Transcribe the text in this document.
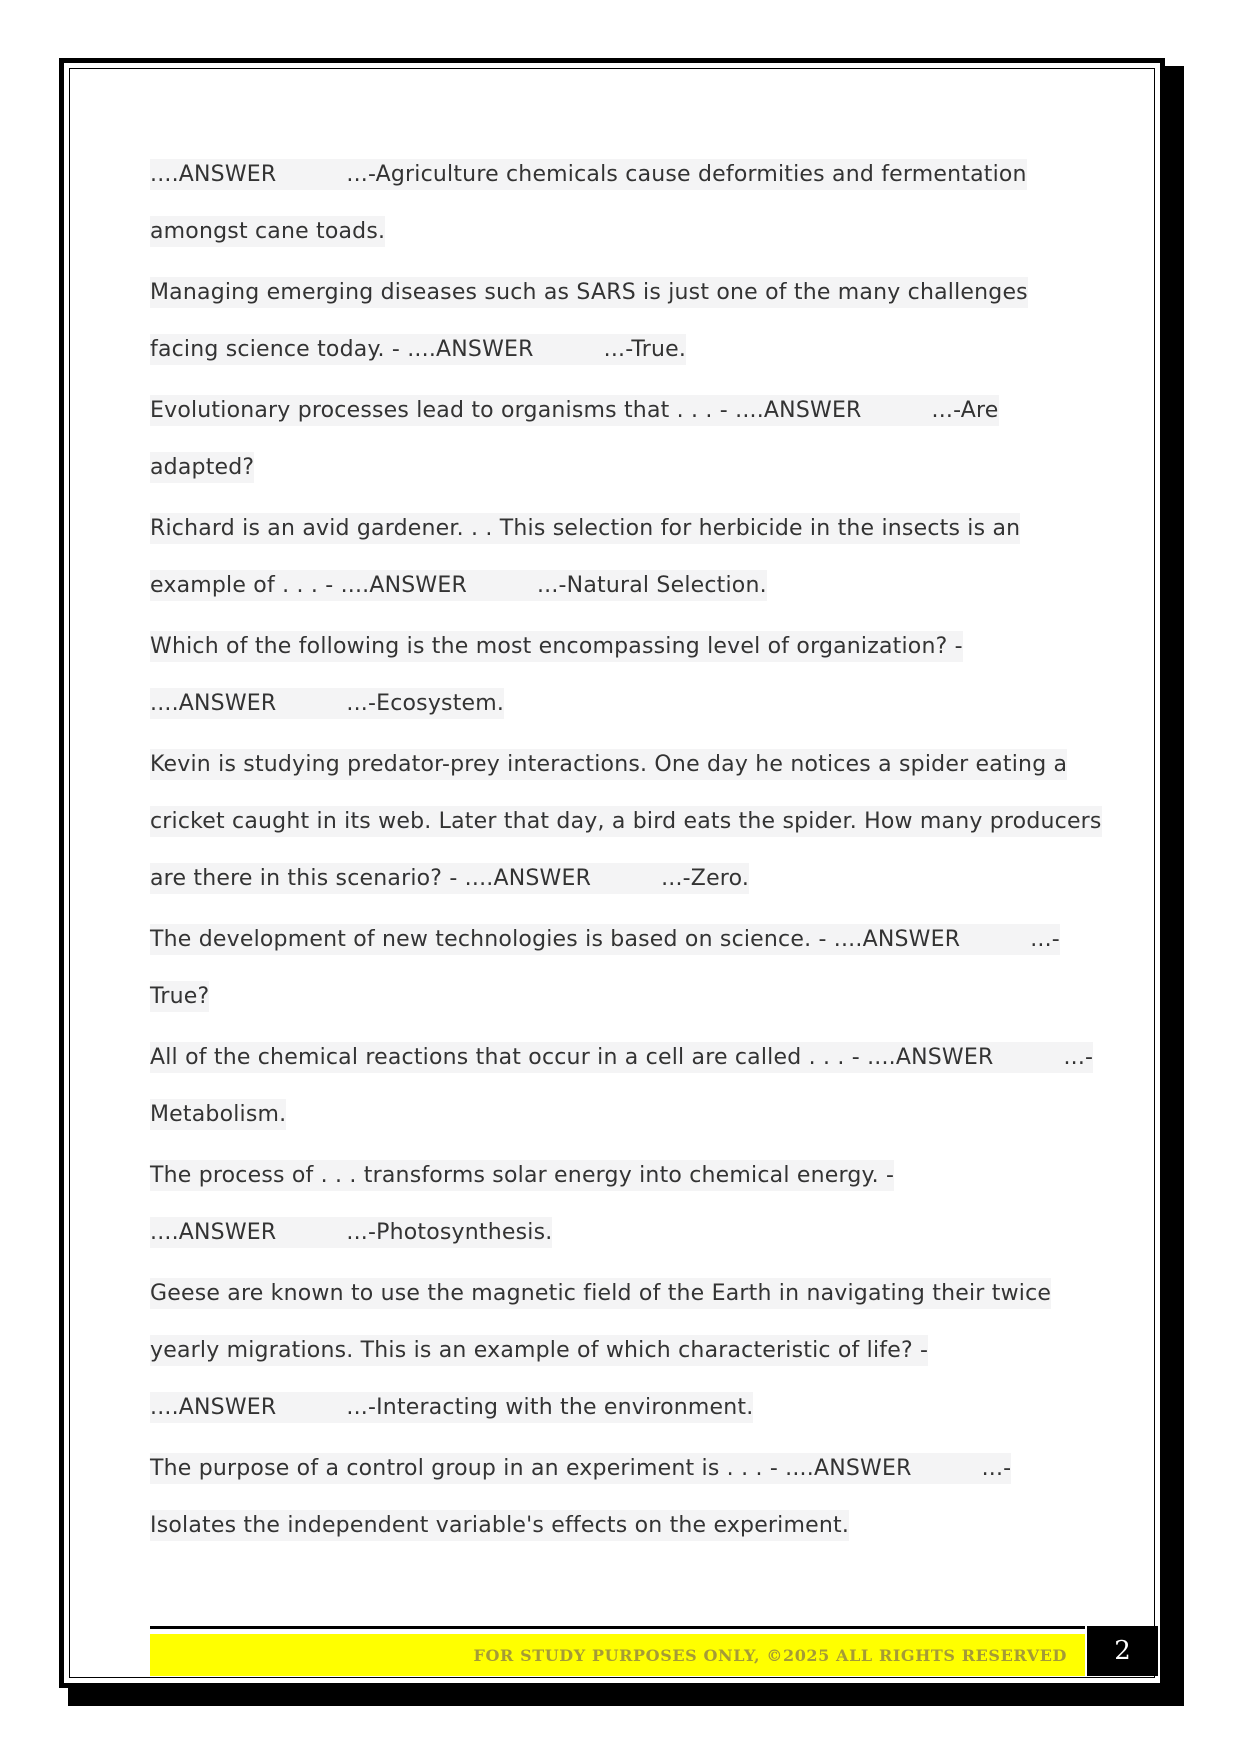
....ANSWER	...-Agriculture chemicals cause deformities and fermentation
amongst cane toads.
Managing emerging diseases such as SARS is just one of the many challenges
facing science today. - ....ANSWER	...-True.
Evolutionary processes lead to organisms that . . . - ....ANSWER	...-Are
adapted?
Richard is an avid gardener. . . This selection for herbicide in the insects is an
example of . . . - ....ANSWER	...-Natural Selection.
Which of the following is the most encompassing level of organization? -
....ANSWER	...-Ecosystem.
Kevin is studying predator-prey interactions. One day he notices a spider eating a
cricket caught in its web. Later that day, a bird eats the spider. How many producers
are there in this scenario? - ....ANSWER	...-Zero.
The development of new technologies is based on science. - ....ANSWER	...-
True?
All of the chemical reactions that occur in a cell are called . . . - ....ANSWER	...-
Metabolism.
The process of . . . transforms solar energy into chemical energy. -
....ANSWER	...-Photosynthesis.
Geese are known to use the magnetic field of the Earth in navigating their twice
yearly migrations. This is an example of which characteristic of life? -
....ANSWER	...-Interacting with the environment.
The purpose of a control group in an experiment is . . . - ....ANSWER	...-
Isolates the independent variable's effects on the experiment.
FOR STUDY PURPOSES ONLY, ©2025 ALL RIGHTS RESERVED	2
